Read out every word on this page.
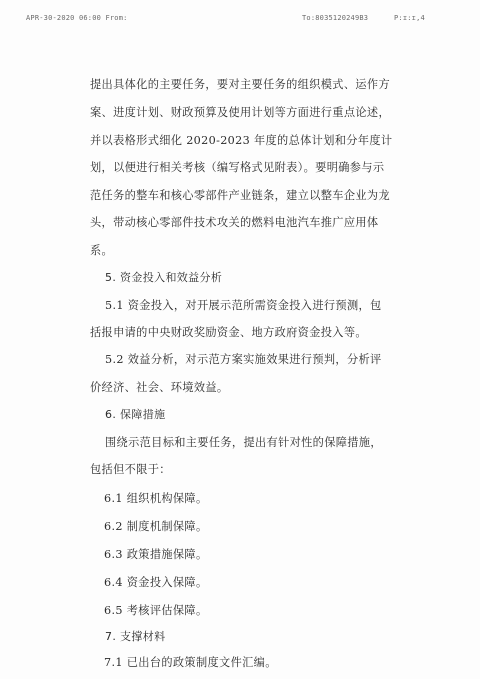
APR-30-2020 06:00 From:	To:8035120249B3	P:ɪ:ɪ,4
提出具体化的主要任务，要对主要任务的组织模式、运作方
案、进度计划、财政预算及使用计划等方面进行重点论述，
并以表格形式细化 2020-2023 年度的总体计划和分年度计
划，以便进行相关考核（编写格式见附表）。要明确参与示
范任务的整车和核心零部件产业链条，建立以整车企业为龙
头，带动核心零部件技术攻关的燃料电池汽车推广应用体
系。
5. 资金投入和效益分析
5.1 资金投入，对开展示范所需资金投入进行预测，包
括报申请的中央财政奖励资金、地方政府资金投入等。
5.2 效益分析，对示范方案实施效果进行预判，分析评
价经济、社会、环境效益。
6. 保障措施
围绕示范目标和主要任务，提出有针对性的保障措施，
包括但不限于：
6.1 组织机构保障。
6.2 制度机制保障。
6.3 政策措施保障。
6.4 资金投入保障。
6.5 考核评估保障。
7. 支撑材料
7.1 已出台的政策制度文件汇编。
